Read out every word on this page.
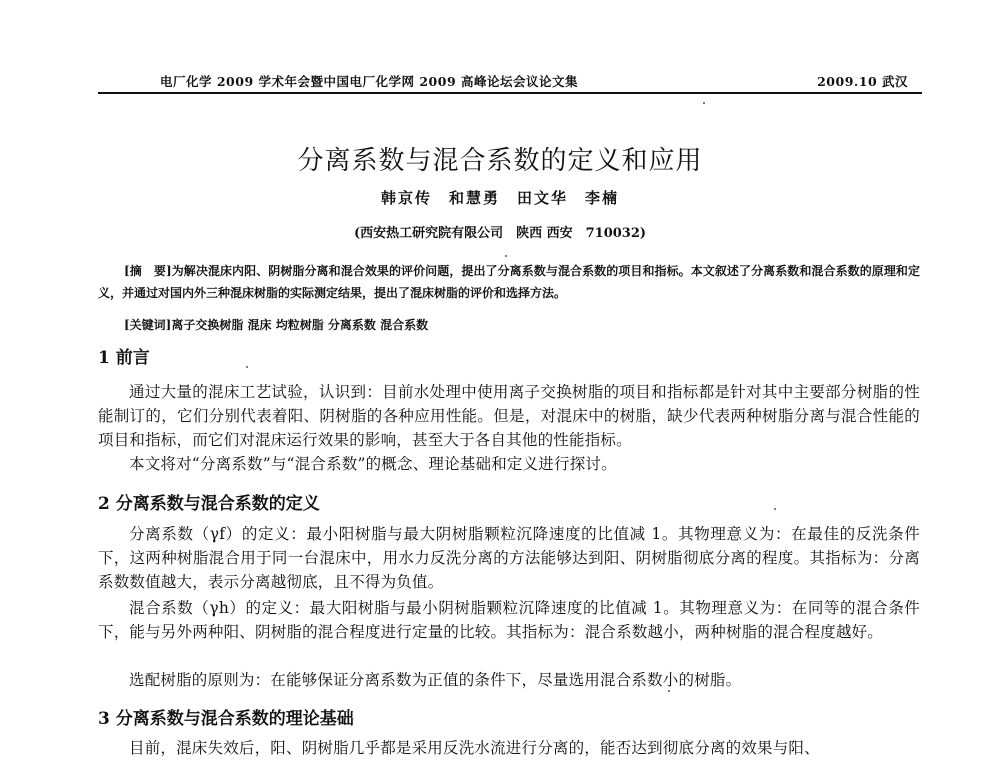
电厂化学 2009 学术年会暨中国电厂化学网 2009 高峰论坛会议论文集	2009.10 武汉
分离系数与混合系数的定义和应用
韩京传　和慧勇　田文华　李楠
(西安热工研究院有限公司　陕西 西安　710032)
[摘　要]为解决混床内阳、阴树脂分离和混合效果的评价问题，提出了分离系数与混合系数的项目和指标。本文叙述了分离系数和混合系数的原理和定义，并通过对国内外三种混床树脂的实际测定结果，提出了混床树脂的评价和选择方法。
[关键词]离子交换树脂 混床 均粒树脂 分离系数 混合系数
1 前言
通过大量的混床工艺试验，认识到：目前水处理中使用离子交换树脂的项目和指标都是针对其中主要部分树脂的性能制订的，它们分别代表着阳、阴树脂的各种应用性能。但是，对混床中的树脂，缺少代表两种树脂分离与混合性能的项目和指标，而它们对混床运行效果的影响，甚至大于各自其他的性能指标。
本文将对“分离系数”与“混合系数”的概念、理论基础和定义进行探讨。
2 分离系数与混合系数的定义
分离系数（γf）的定义：最小阳树脂与最大阴树脂颗粒沉降速度的比值减 1。其物理意义为：在最佳的反洗条件下，这两种树脂混合用于同一台混床中，用水力反洗分离的方法能够达到阳、阴树脂彻底分离的程度。其指标为：分离系数数值越大，表示分离越彻底，且不得为负值。
混合系数（γh）的定义：最大阳树脂与最小阴树脂颗粒沉降速度的比值减 1。其物理意义为：在同等的混合条件下，能与另外两种阳、阴树脂的混合程度进行定量的比较。其指标为：混合系数越小，两种树脂的混合程度越好。
选配树脂的原则为：在能够保证分离系数为正值的条件下，尽量选用混合系数小的树脂。
3 分离系数与混合系数的理论基础
目前，混床失效后，阳、阴树脂几乎都是采用反洗水流进行分离的，能否达到彻底分离的效果与阳、
